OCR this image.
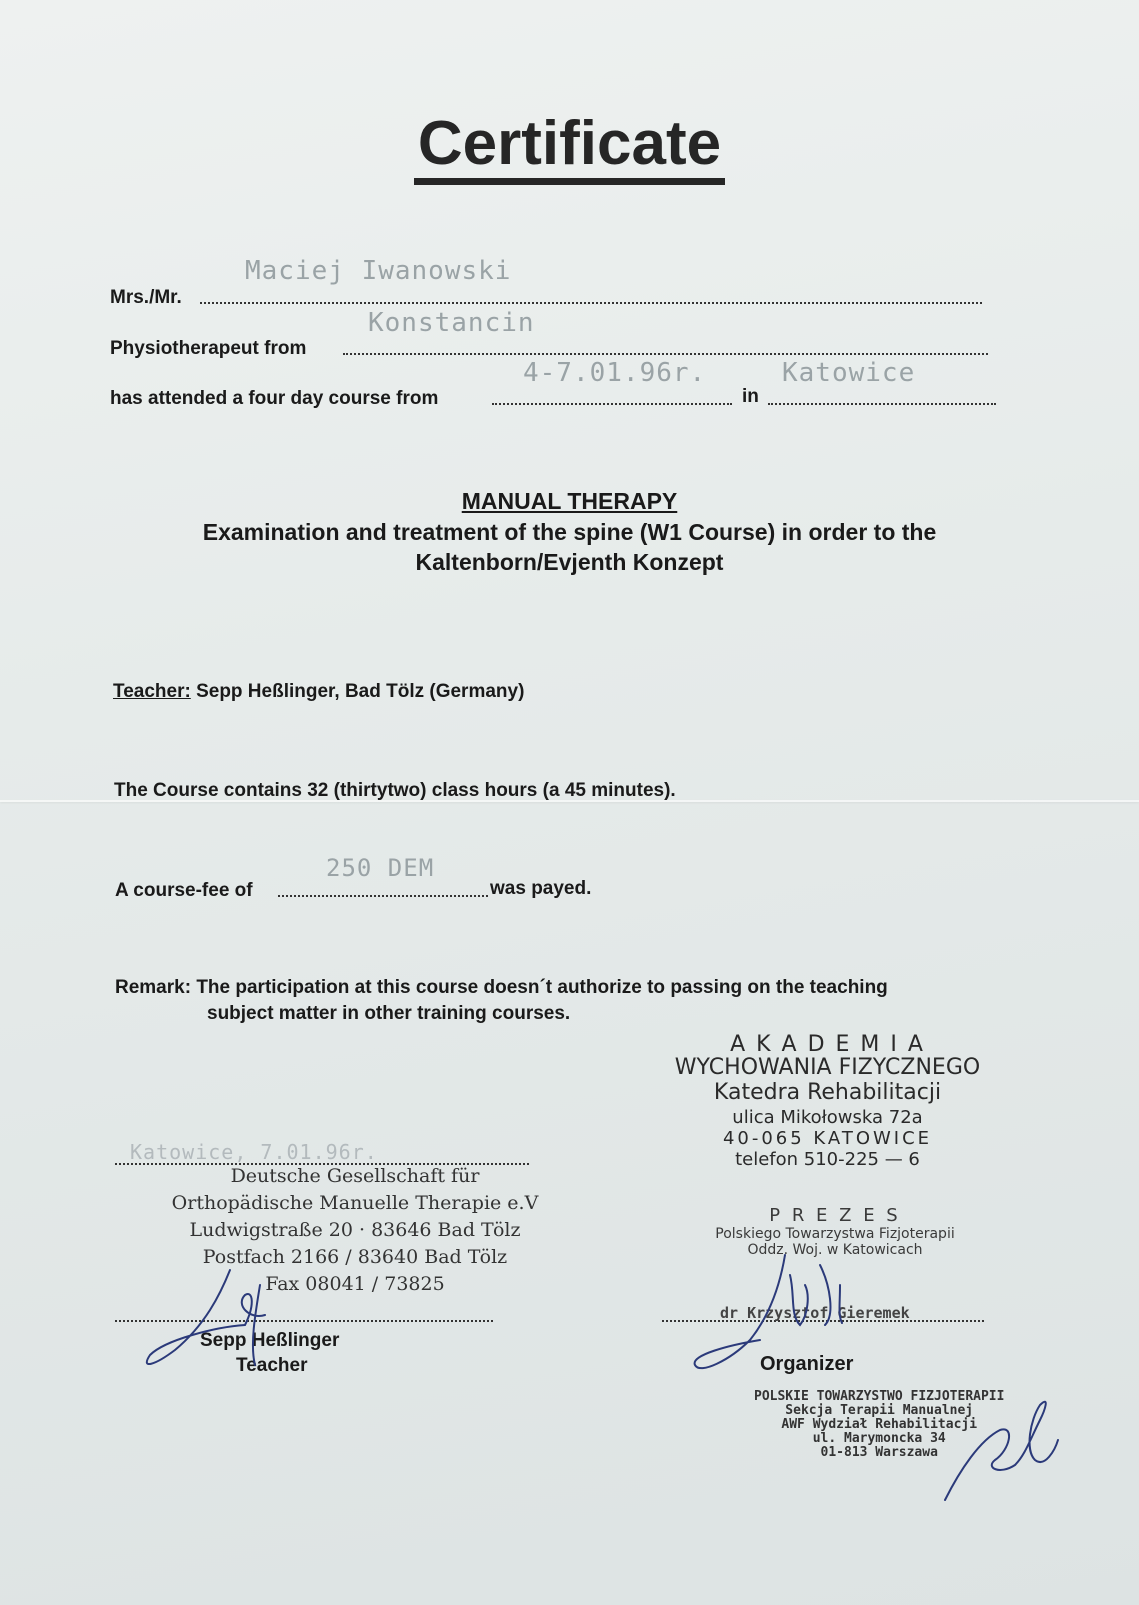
Certificate
Mrs./Mr.
Maciej Iwanowski
Physiotherapeut from
Konstancin
has attended a four day course from
4-7.01.96r.
in
Katowice
MANUAL THERAPY
Examination and treatment of the spine (W1 Course) in order to the
Kaltenborn/Evjenth Konzept
Teacher: Sepp Heßlinger, Bad Tölz (Germany)
The Course contains 32 (thirtytwo) class hours (a 45 minutes).
A course-fee of
250 DEM
was payed.
Remark: The participation at this course doesn´t authorize to passing on the teaching
subject matter in other training courses.
A K A D E M I A
WYCHOWANIA FIZYCZNEGO
Katedra Rehabilitacji
ulica Mikołowska 72a
40-065 KATOWICE
telefon 510-225 — 6
Katowice, 7.01.96r.
Deutsche Gesellschaft für
Orthopädische Manuelle Therapie e.V
Ludwigstraße 20 · 83646 Bad Tölz
Postfach 2166 / 83640 Bad Tölz
Fax 08041 / 73825
Sepp Heßlinger
Teacher
P R E Z E S
Polskiego Towarzystwa Fizjoterapii
Oddz. Woj. w Katowicach
dr Krzysztof Gieremek
Organizer
POLSKIE TOWARZYSTWO FIZJOTERAPII
Sekcja Terapii Manualnej
AWF Wydział Rehabilitacji
ul. Marymoncka 34
01-813 Warszawa
